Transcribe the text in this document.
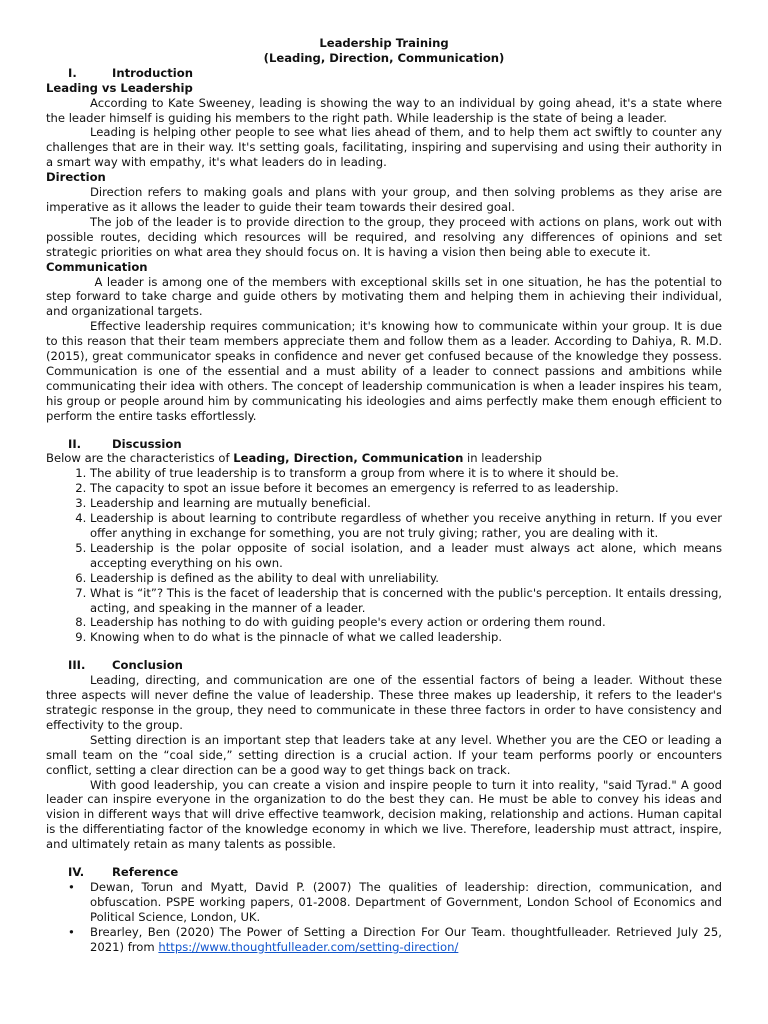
Leadership Training

(Leading, Direction, Communication)

I.	Introduction

Leading vs Leadership

According to Kate Sweeney, leading is showing the way to an individual by going ahead, it's a state where the leader himself is guiding his members to the right path. While leadership is the state of being a leader.

Leading is helping other people to see what lies ahead of them, and to help them act swiftly to counter any challenges that are in their way. It's setting goals, facilitating, inspiring and supervising and using their authority in a smart way with empathy, it's what leaders do in leading.

Direction

Direction refers to making goals and plans with your group, and then solving problems as they arise are imperative as it allows the leader to guide their team towards their desired goal.

The job of the leader is to provide direction to the group, they proceed with actions on plans, work out with possible routes, deciding which resources will be required, and resolving any differences of opinions and set strategic priorities on what area they should focus on. It is having a vision then being able to execute it.

Communication

A leader is among one of the members with exceptional skills set in one situation, he has the potential to step forward to take charge and guide others by motivating them and helping them in achieving their individual, and organizational targets.

Effective leadership requires communication; it's knowing how to communicate within your group. It is due to this reason that their team members appreciate them and follow them as a leader. According to Dahiya, R. M.D.(2015), great communicator speaks in confidence and never get confused because of the knowledge they possess. Communication is one of the essential and a must ability of a leader to connect passions and ambitions while communicating their idea with others. The concept of leadership communication is when a leader inspires his team, his group or people around him by communicating his ideologies and aims perfectly make them enough efficient to perform the entire tasks effortlessly.

II.	Discussion

Below are the characteristics of Leading, Direction, Communication in leadership

1. The ability of true leadership is to transform a group from where it is to where it should be.
2. The capacity to spot an issue before it becomes an emergency is referred to as leadership.
3. Leadership and learning are mutually beneficial.
4. Leadership is about learning to contribute regardless of whether you receive anything in return. If you ever offer anything in exchange for something, you are not truly giving; rather, you are dealing with it.
5. Leadership is the polar opposite of social isolation, and a leader must always act alone, which means accepting everything on his own.
6. Leadership is defined as the ability to deal with unreliability.
7. What is “it”? This is the facet of leadership that is concerned with the public's perception. It entails dressing, acting, and speaking in the manner of a leader.
8. Leadership has nothing to do with guiding people's every action or ordering them round.
9. Knowing when to do what is the pinnacle of what we called leadership.
III.	Conclusion

Leading, directing, and communication are one of the essential factors of being a leader. Without these three aspects will never define the value of leadership. These three makes up leadership, it refers to the leader's strategic response in the group, they need to communicate in these three factors in order to have consistency and effectivity to the group.

Setting direction is an important step that leaders take at any level. Whether you are the CEO or leading a small team on the “coal side,” setting direction is a crucial action. If your team performs poorly or encounters conflict, setting a clear direction can be a good way to get things back on track.

With good leadership, you can create a vision and inspire people to turn it into reality, "said Tyrad." A good leader can inspire everyone in the organization to do the best they can. He must be able to convey his ideas and vision in different ways that will drive effective teamwork, decision making, relationship and actions. Human capital is the differentiating factor of the knowledge economy in which we live. Therefore, leadership must attract, inspire, and ultimately retain as many talents as possible.

IV.	Reference
• Dewan, Torun and Myatt, David P. (2007) The qualities of leadership: direction, communication, and obfuscation. PSPE working papers, 01-2008. Department of Government, London School of Economics and Political Science, London, UK.
• Brearley, Ben (2020) The Power of Setting a Direction For Our Team. thoughtfulleader. Retrieved July 25, 2021) from https://www.thoughtfulleader.com/setting-direction/
